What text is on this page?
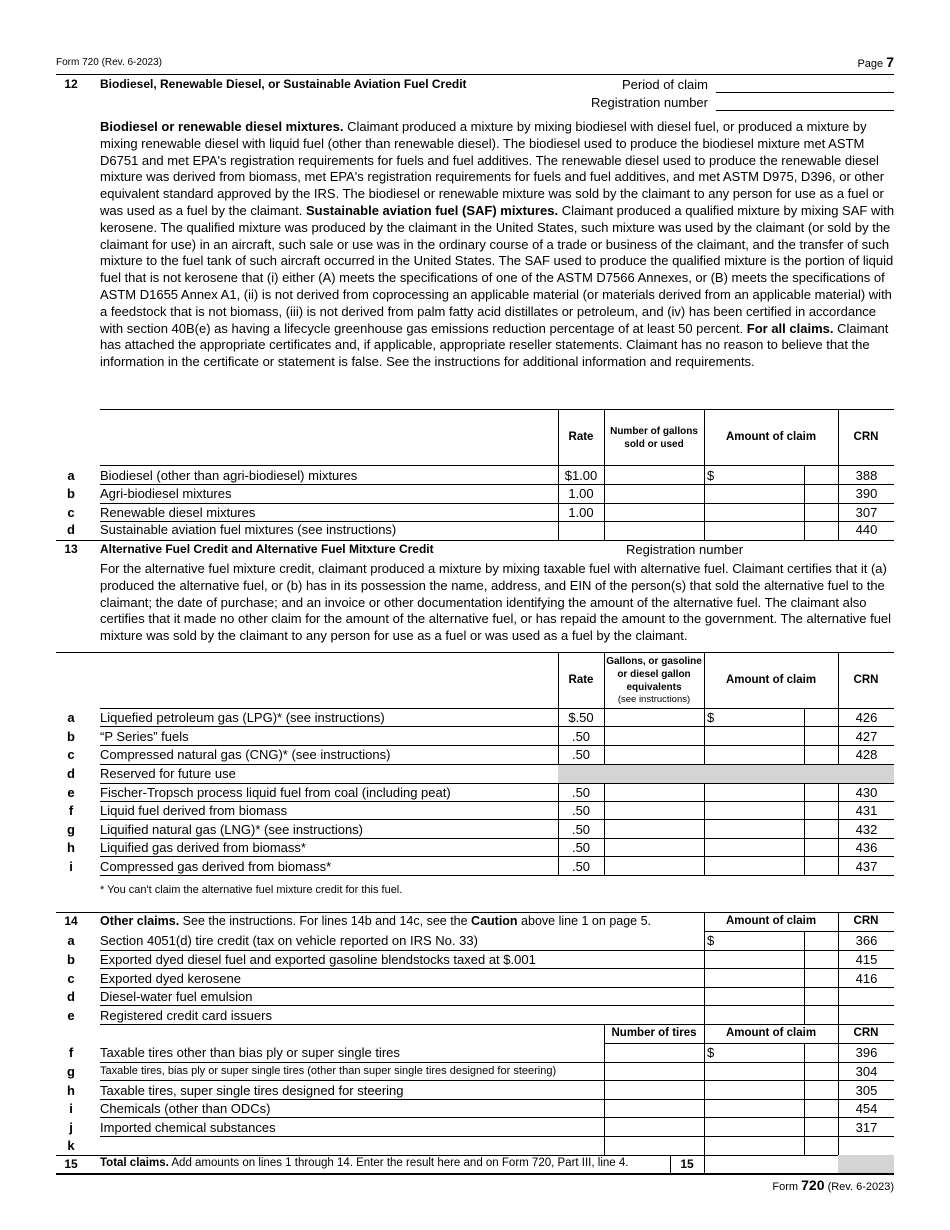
Form 720 (Rev. 6-2023)	Page 7
12	Biodiesel, Renewable Diesel, or Sustainable Aviation Fuel Credit	Period of claim
Registration number
Biodiesel or renewable diesel mixtures. Claimant produced a mixture by mixing biodiesel with diesel fuel, or produced a mixture by mixing renewable diesel with liquid fuel (other than renewable diesel). The biodiesel used to produce the biodiesel mixture met ASTM D6751 and met EPA's registration requirements for fuels and fuel additives. The renewable diesel used to produce the renewable diesel mixture was derived from biomass, met EPA's registration requirements for fuels and fuel additives, and met ASTM D975, D396, or other equivalent standard approved by the IRS. The biodiesel or renewable mixture was sold by the claimant to any person for use as a fuel or was used as a fuel by the claimant. Sustainable aviation fuel (SAF) mixtures. Claimant produced a qualified mixture by mixing SAF with kerosene. The qualified mixture was produced by the claimant in the United States, such mixture was used by the claimant (or sold by the claimant for use) in an aircraft, such sale or use was in the ordinary course of a trade or business of the claimant, and the transfer of such mixture to the fuel tank of such aircraft occurred in the United States. The SAF used to produce the qualified mixture is the portion of liquid fuel that is not kerosene that (i) either (A) meets the specifications of one of the ASTM D7566 Annexes, or (B) meets the specifications of ASTM D1655 Annex A1, (ii) is not derived from coprocessing an applicable material (or materials derived from an applicable material) with a feedstock that is not biomass, (iii) is not derived from palm fatty acid distillates or petroleum, and (iv) has been certified in accordance with section 40B(e) as having a lifecycle greenhouse gas emissions reduction percentage of at least 50 percent. For all claims. Claimant has attached the appropriate certificates and, if applicable, appropriate reseller statements. Claimant has no reason to believe that the information in the certificate or statement is false. See the instructions for additional information and requirements.
Rate	Number of gallons sold or used
Amount of claim	CRN
a	Biodiesel (other than agri-biodiesel) mixtures	$1.00	$	388
b	Agri-biodiesel mixtures	1.00	390
c	Renewable diesel mixtures	1.00	307
d	Sustainable aviation fuel mixtures (see instructions)	440
13	Alternative Fuel Credit and Alternative Fuel Mitxture Credit	Registration number
For the alternative fuel mixture credit, claimant produced a mixture by mixing taxable fuel with alternative fuel. Claimant certifies that it (a) produced the alternative fuel, or (b) has in its possession the name, address, and EIN of the person(s) that sold the alternative fuel to the claimant; the date of purchase; and an invoice or other documentation identifying the amount of the alternative fuel. The claimant also certifies that it made no other claim for the amount of the alternative fuel, or has repaid the amount to the government. The alternative fuel mixture was sold by the claimant to any person for use as a fuel or was used as a fuel by the claimant.
Rate
Gallons, or gasoline or diesel gallon equivalents
(see instructions)
Amount of claim	CRN
a	Liquefied petroleum gas (LPG)* (see instructions)	$.50	$	426
b	“P Series” fuels	.50	427
c	Compressed natural gas (CNG)* (see instructions)	.50	428
d	Reserved for future use
e	Fischer-Tropsch process liquid fuel from coal (including peat)	.50	430
f	Liquid fuel derived from biomass	.50	431
g	Liquified natural gas (LNG)* (see instructions)	.50	432
h	Liquified gas derived from biomass*	.50	436
i	Compressed gas derived from biomass*	.50	437
* You can't claim the alternative fuel mixture credit for this fuel.
14	Other claims. See the instructions. For lines 14b and 14c, see the Caution above line 1 on page 5.	Amount of claim	CRN
a	Section 4051(d) tire credit (tax on vehicle reported on IRS No. 33)	$	366
b	Exported dyed diesel fuel and exported gasoline blendstocks taxed at $.001	415
c	Exported dyed kerosene	416
d	Diesel-water fuel emulsion
e	Registered credit card issuers
Number of tires	Amount of claim	CRN
f	Taxable tires other than bias ply or super single tires	$	396
g	Taxable tires, bias ply or super single tires (other than super single tires designed for steering)	304
h	Taxable tires, super single tires designed for steering	305
i	Chemicals (other than ODCs)	454
j	Imported chemical substances	317
k
15	Total claims. Add amounts on lines 1 through 14. Enter the result here and on Form 720, Part III, line 4.	15
Form 720 (Rev. 6-2023)
